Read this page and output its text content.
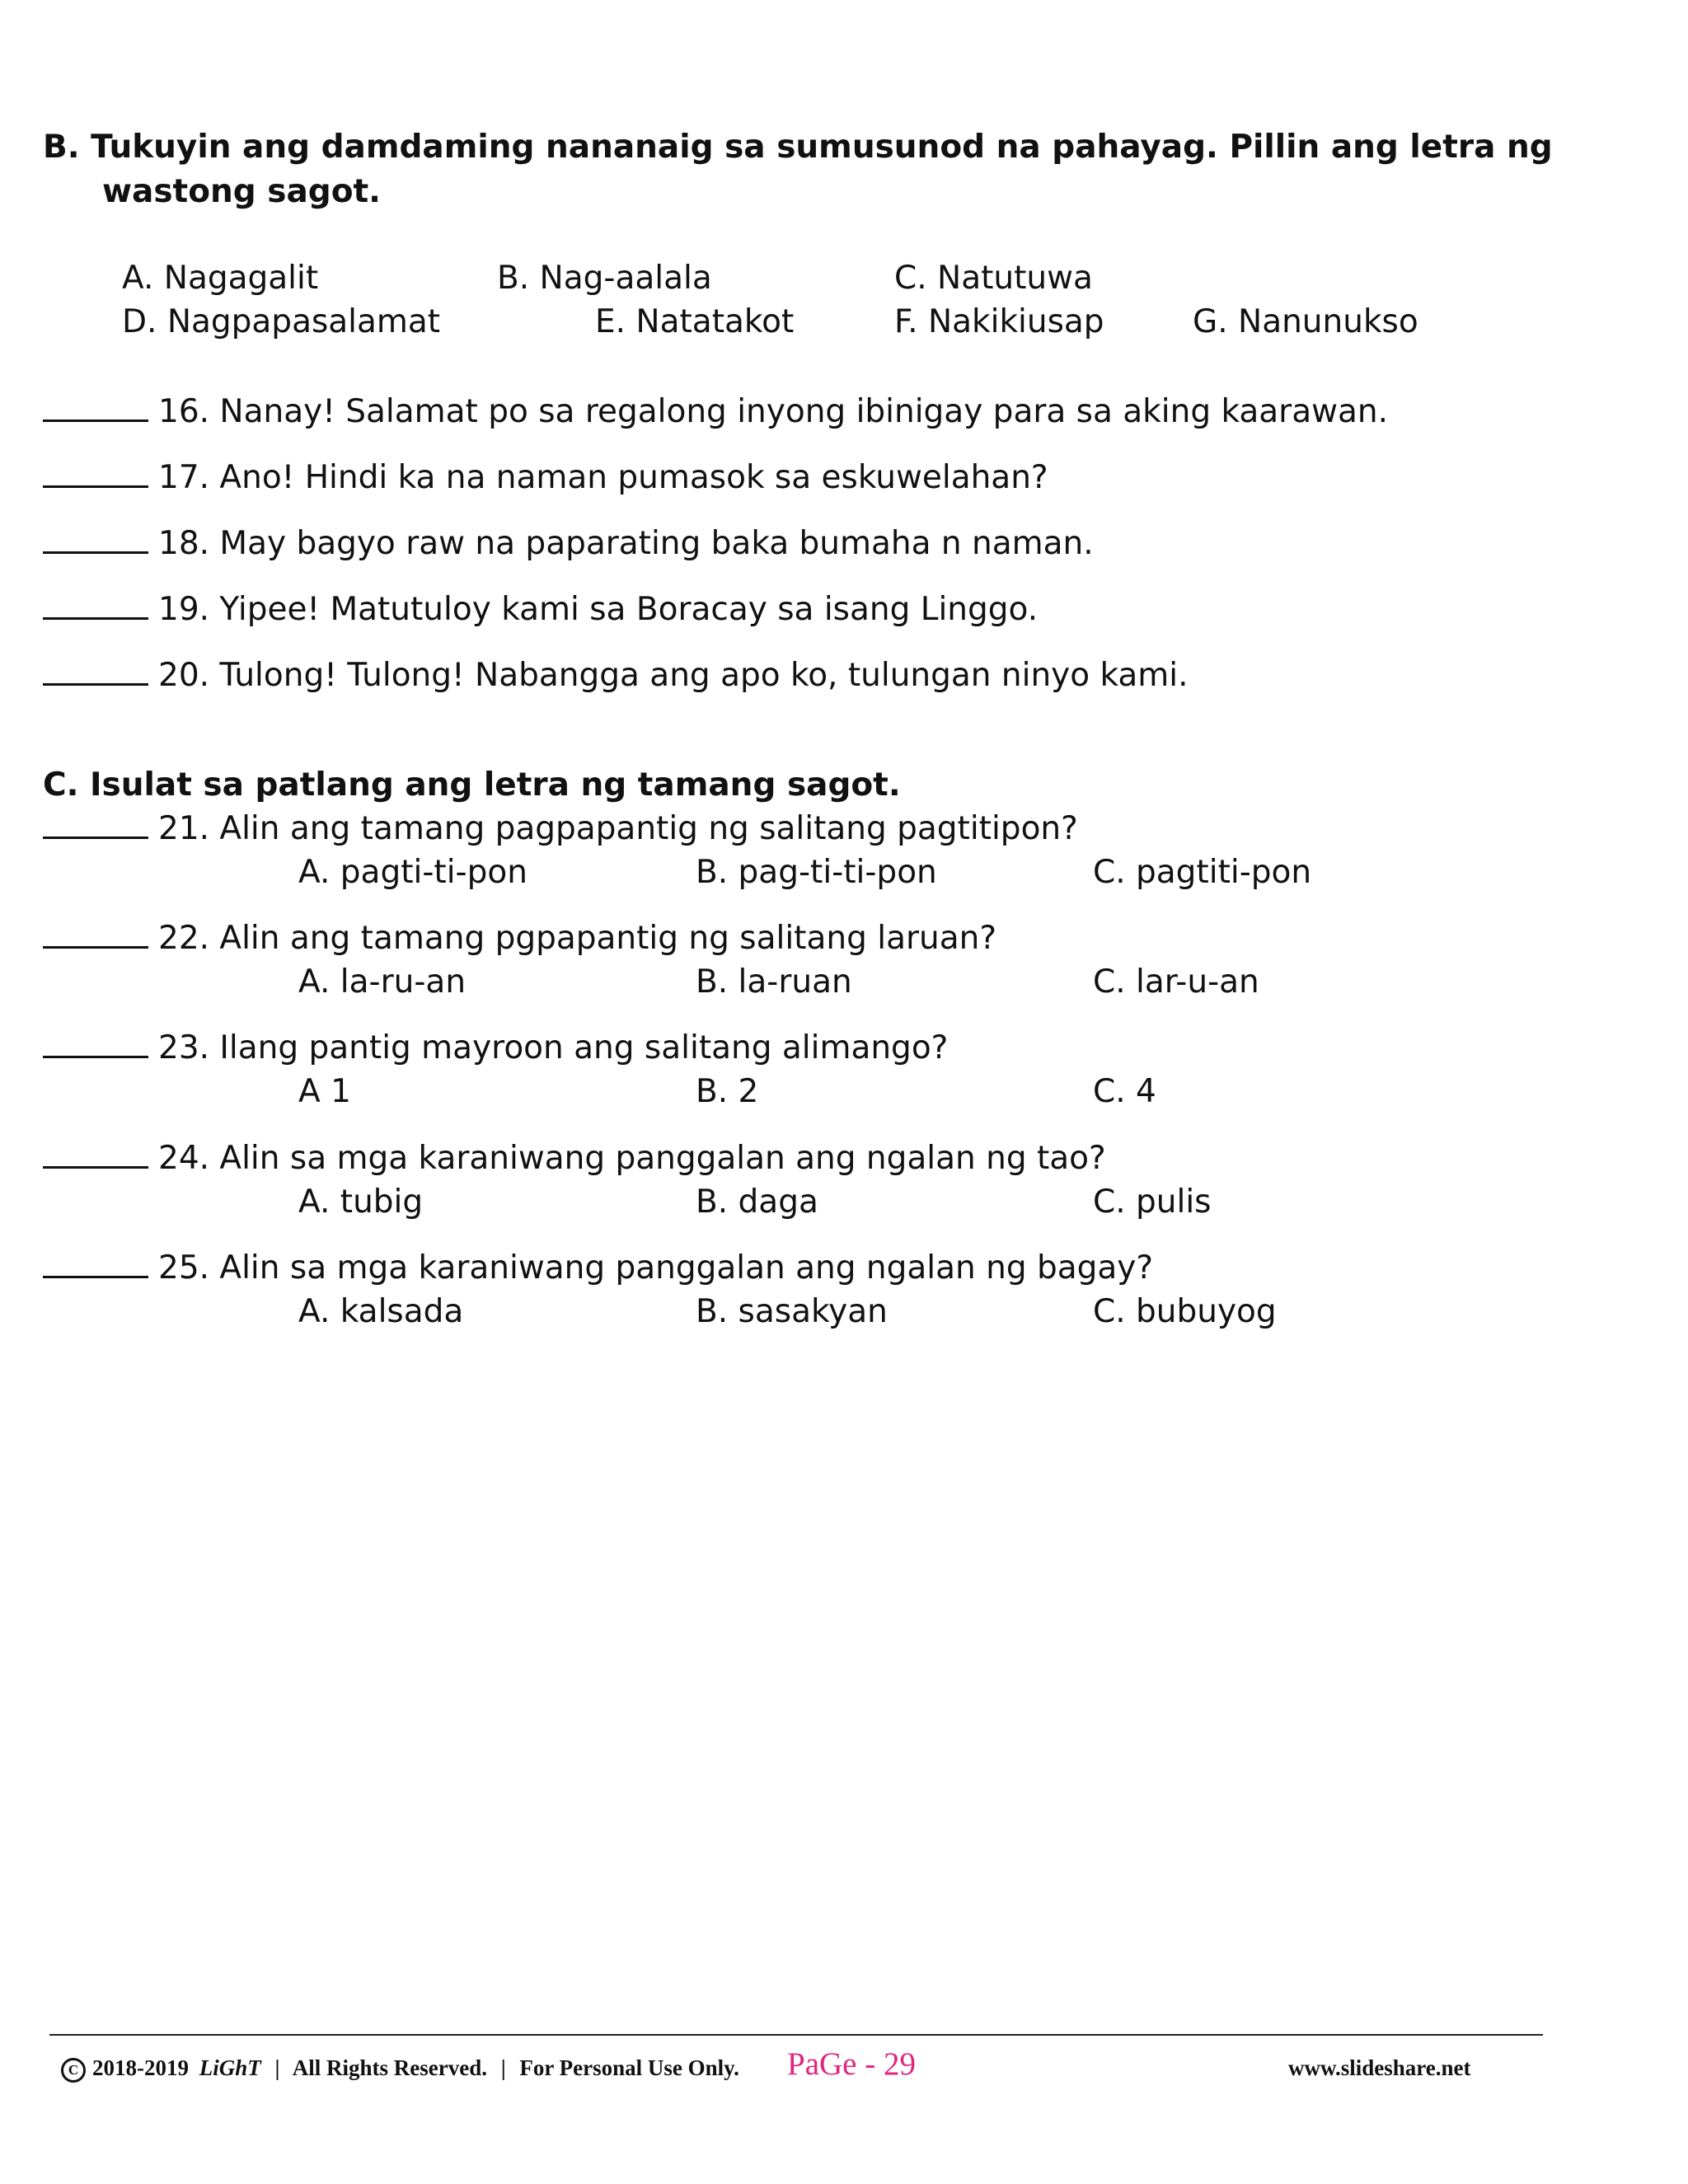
B. Tukuyin ang damdaming nananaig sa sumusunod na pahayag. Pillin ang letra ng
wastong sagot.
A. Nagagalit	B. Nag-aalala	C. Natutuwa
D. Nagpapasalamat	E. Natatakot	F. Nakikiusap	G. Nanunukso
16. Nanay! Salamat po sa regalong inyong ibinigay para sa aking kaarawan.
17. Ano! Hindi ka na naman pumasok sa eskuwelahan?
18. May bagyo raw na paparating baka bumaha n naman.
19. Yipee! Matutuloy kami sa Boracay sa isang Linggo.
20. Tulong! Tulong! Nabangga ang apo ko, tulungan ninyo kami.
C. Isulat sa patlang ang letra ng tamang sagot.
21. Alin ang tamang pagpapantig ng salitang pagtitipon?
A. pagti-ti-pon	B. pag-ti-ti-pon	C. pagtiti-pon
22. Alin ang tamang pgpapantig ng salitang laruan?
A. la-ru-an	B. la-ruan	C. lar-u-an
23. Ilang pantig mayroon ang salitang alimango?
A 1	B. 2	C. 4
24. Alin sa mga karaniwang panggalan ang ngalan ng tao?
A. tubig	B. daga	C. pulis
25. Alin sa mga karaniwang panggalan ang ngalan ng bagay?
A. kalsada	B. sasakyan	C. bubuyog
C 2018-2019 LiGhT | All Rights Reserved. | For Personal Use Only. PaGe - 29	www.slideshare.net
